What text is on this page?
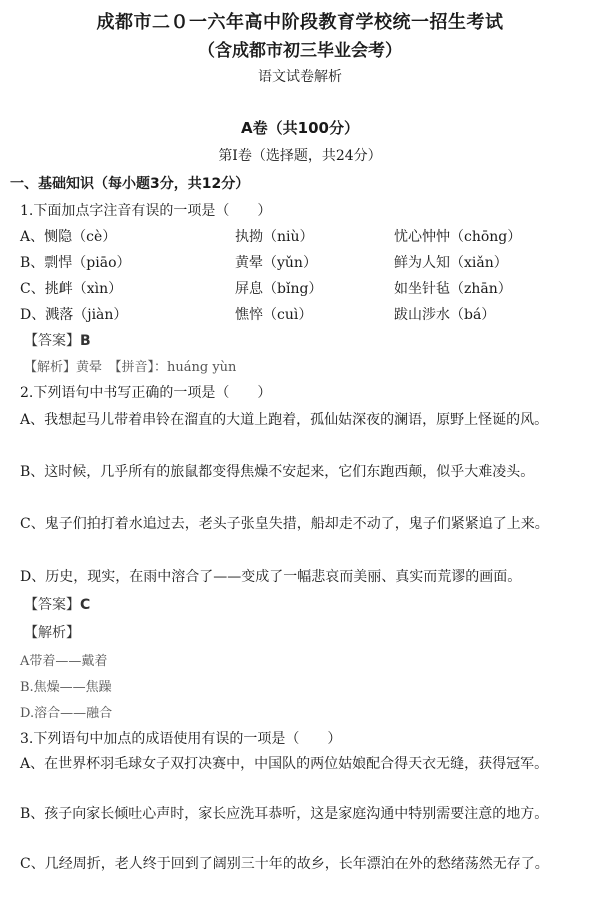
成都市二０一六年高中阶段教育学校统一招生考试
（含成都市初三毕业会考）
语文试卷解析
A卷（共100分）
第Ⅰ卷（选择题，共24分）
一、基础知识（每小题3分，共12分）
1.下面加点字注音有误的一项是（　　）
A、恻隐（cè）	执拗（niù）	忧心忡忡（chōng）
B、剽悍（piāo）	黄晕（yǔn）	鲜为人知（xiǎn）
C、挑衅（xìn）	屏息（bǐng）	如坐针毡（zhān）
D、溅落（jiàn）	憔悴（cuì）	跋山涉水（bá）
【答案】B
【解析】黄晕　【拼音】：huáng yùn
2.下列语句中书写正确的一项是（　　）
A、我想起马儿带着串铃在溜直的大道上跑着，孤仙姑深夜的澜语，原野上怪诞的风。
B、这时候，几乎所有的旅鼠都变得焦燥不安起来，它们东跑西颠，似乎大难凌头。
C、鬼子们拍打着水追过去，老头子张皇失措，船却走不动了，鬼子们紧紧追了上来。
D、历史，现实，在雨中溶合了——变成了一幅悲哀而美丽、真实而荒谬的画面。
【答案】C
【解析】
A带着——戴着
B.焦燥——焦躁
D.溶合——融合
3.下列语句中加点的成语使用有误的一项是（　　）
A、在世界杯羽毛球女子双打决赛中，中国队的两位姑娘配合得天衣无缝，获得冠军。
B、孩子向家长倾吐心声时，家长应洗耳恭听，这是家庭沟通中特别需要注意的地方。
C、几经周折，老人终于回到了阔别三十年的故乡，长年漂泊在外的愁绪荡然无存了。
